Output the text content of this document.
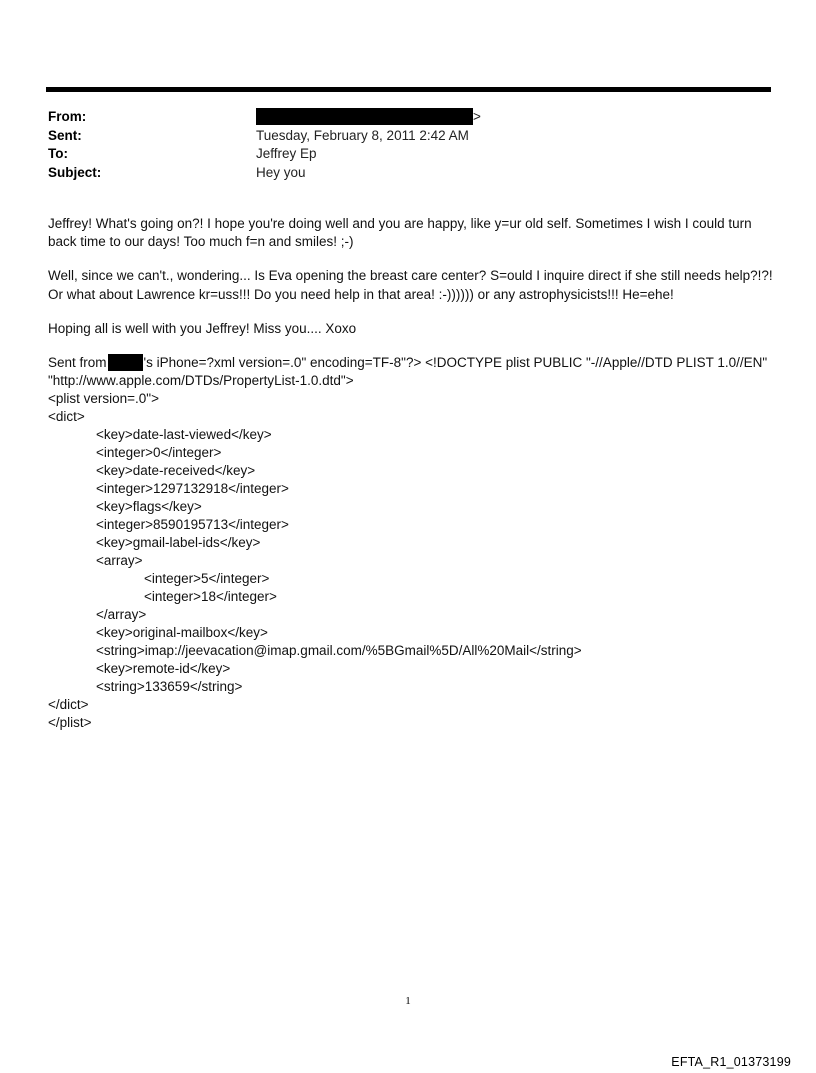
From:	>
Sent:	Tuesday, February 8, 2011 2:42 AM
To:	Jeffrey Ep
Subject:	Hey you

Jeffrey! What's going on?! I hope you're doing well and you are happy, like y=ur old self. Sometimes I wish I could turn back time to our days! Too much f=n and smiles! ;-)

Well, since we can't., wondering... Is Eva opening the breast care center? S=ould I inquire direct if she still needs help?!?! Or what about Lawrence kr=uss!!! Do you need help in that area! :-)))))) or any astrophysicists!!! He=ehe!

Hoping all is well with you Jeffrey! Miss you.... Xoxo

Sent from	's iPhone=?xml version=.0" encoding=TF-8"?> <!DOCTYPE plist PUBLIC "-//Apple//DTD PLIST 1.0//EN"
"http://www.apple.com/DTDs/PropertyList-1.0.dtd">
<plist version=.0">
<dict>
<key>date-last-viewed</key>
<integer>0</integer>
<key>date-received</key>
<integer>1297132918</integer>
<key>flags</key>
<integer>8590195713</integer>
<key>gmail-label-ids</key>
<array>
<integer>5</integer>
<integer>18</integer>
</array>
<key>original-mailbox</key>
<string>imap://jeevacation@imap.gmail.com/%5BGmail%5D/All%20Mail</string>
<key>remote-id</key>
<string>133659</string>
</dict>
</plist>
1
EFTA_R1_01373199
